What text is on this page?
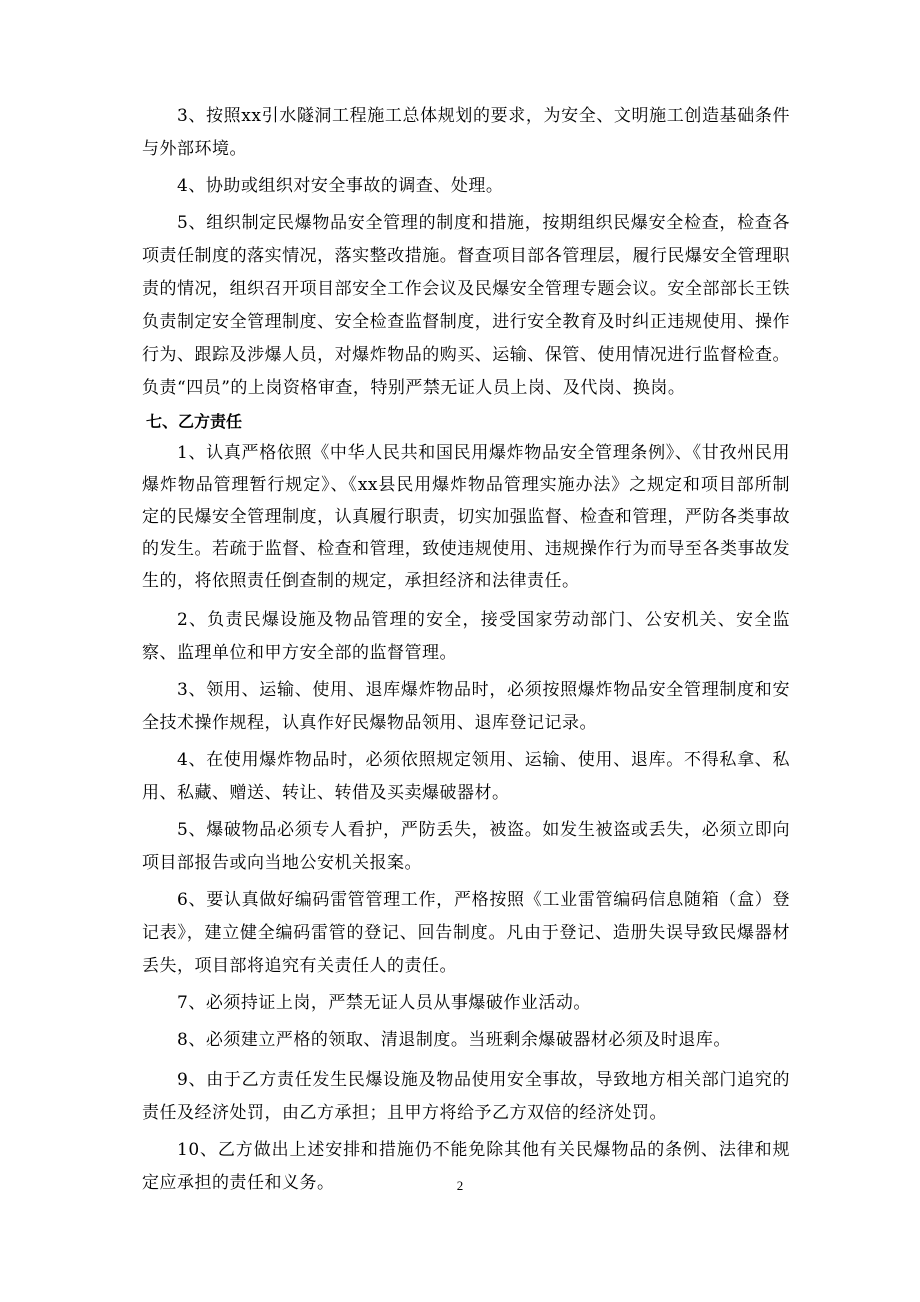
3、按照xx引水隧洞工程施工总体规划的要求，为安全、文明施工创造基础条件与外部环境。

4、协助或组织对安全事故的调查、处理。

5、组织制定民爆物品安全管理的制度和措施，按期组织民爆安全检查，检查各项责任制度的落实情况，落实整改措施。督查项目部各管理层，履行民爆安全管理职责的情况，组织召开项目部安全工作会议及民爆安全管理专题会议。安全部部长王铁负责制定安全管理制度、安全检查监督制度，进行安全教育及时纠正违规使用、操作行为、跟踪及涉爆人员，对爆炸物品的购买、运输、保管、使用情况进行监督检查。负责“四员”的上岗资格审查，特别严禁无证人员上岗、及代岗、换岗。

七、乙方责任

1、认真严格依照《中华人民共和国民用爆炸物品安全管理条例》、《甘孜州民用爆炸物品管理暂行规定》、《xx县民用爆炸物品管理实施办法》之规定和项目部所制定的民爆安全管理制度，认真履行职责，切实加强监督、检查和管理，严防各类事故的发生。若疏于监督、检查和管理，致使违规使用、违规操作行为而导至各类事故发生的，将依照责任倒查制的规定，承担经济和法律责任。

2、负责民爆设施及物品管理的安全，接受国家劳动部门、公安机关、安全监察、监理单位和甲方安全部的监督管理。

3、领用、运输、使用、退库爆炸物品时，必须按照爆炸物品安全管理制度和安全技术操作规程，认真作好民爆物品领用、退库登记记录。

4、在使用爆炸物品时，必须依照规定领用、运输、使用、退库。不得私拿、私用、私藏、赠送、转让、转借及买卖爆破器材。

5、爆破物品必须专人看护，严防丢失，被盗。如发生被盗或丢失，必须立即向项目部报告或向当地公安机关报案。

6、要认真做好编码雷管管理工作，严格按照《工业雷管编码信息随箱（盒）登记表》，建立健全编码雷管的登记、回告制度。凡由于登记、造册失误导致民爆器材丢失，项目部将追究有关责任人的责任。

7、必须持证上岗，严禁无证人员从事爆破作业活动。

8、必须建立严格的领取、清退制度。当班剩余爆破器材必须及时退库。

9、由于乙方责任发生民爆设施及物品使用安全事故，导致地方相关部门追究的责任及经济处罚，由乙方承担；且甲方将给予乙方双倍的经济处罚。

10、乙方做出上述安排和措施仍不能免除其他有关民爆物品的条例、法律和规定应承担的责任和义务。	2
